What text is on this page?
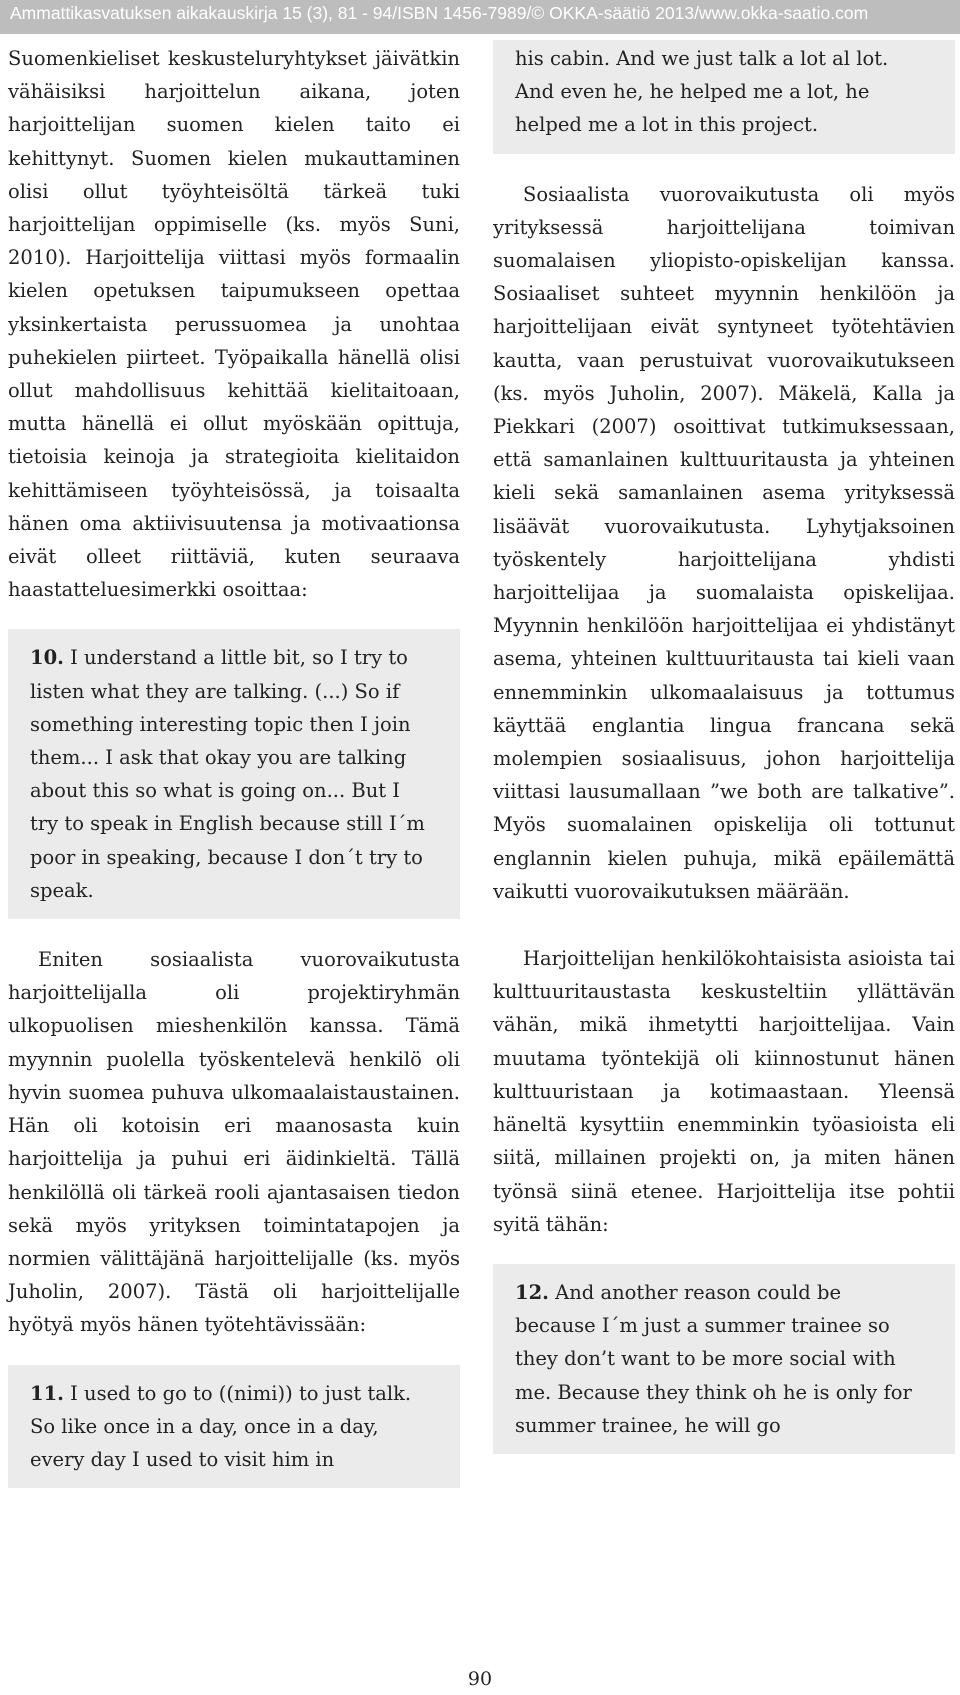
Ammattikasvatuksen aikakauskirja 15 (3), 81 - 94/ISBN 1456-7989/© OKKA-säätiö 2013/www.okka-saatio.com

Suomenkieliset keskusteluryhtykset jäivätkin vähäisiksi harjoittelun aikana, joten harjoittelijan suomen kielen taito ei kehittynyt. Suomen kielen mukauttaminen olisi ollut työyhteisöltä tärkeä tuki harjoittelijan oppimiselle (ks. myös Suni, 2010). Harjoittelija viittasi myös formaalin kielen opetuksen taipumukseen opettaa yksinkertaista perussuomea ja unohtaa puhekielen piirteet. Työpaikalla hänellä olisi ollut mahdollisuus kehittää kielitaitoaan, mutta hänellä ei ollut myöskään opittuja, tietoisia keinoja ja strategioita kielitaidon kehittämiseen työyhteisössä, ja toisaalta hänen oma aktiivisuutensa ja motivaationsa eivät olleet riittäviä, kuten seuraava haastatteluesimerkki osoittaa:

10. I understand a little bit, so I try to listen what they are talking. (...) So if something interesting topic then I join them... I ask that okay you are talking about this so what is going on... But I try to speak in English because still I´m poor in speaking, because I don´t try to speak.

Eniten sosiaalista vuorovaikutusta harjoittelijalla oli projektiryhmän ulkopuolisen mieshenkilön kanssa. Tämä myynnin puolella työskentelevä henkilö oli hyvin suomea puhuva ulkomaalaistaustainen. Hän oli kotoisin eri maanosasta kuin harjoittelija ja puhui eri äidinkieltä. Tällä henkilöllä oli tärkeä rooli ajantasaisen tiedon sekä myös yrityksen toimintatapojen ja normien välittäjänä harjoittelijalle (ks. myös Juholin, 2007). Tästä oli harjoittelijalle hyötyä myös hänen työtehtävissään:

11. I used to go to ((nimi)) to just talk. So like once in a day, once in a day, every day I used to visit him in
his cabin. And we just talk a lot al lot. And even he, he helped me a lot, he helped me a lot in this project.

Sosiaalista vuorovaikutusta oli myös yrityksessä harjoittelijana toimivan suomalaisen yliopisto-opiskelijan kanssa. Sosiaaliset suhteet myynnin henkilöön ja harjoittelijaan eivät syntyneet työtehtävien kautta, vaan perustuivat vuorovaikutukseen (ks. myös Juholin, 2007). Mäkelä, Kalla ja Piekkari (2007) osoittivat tutkimuksessaan, että samanlainen kulttuuritausta ja yhteinen kieli sekä samanlainen asema yrityksessä lisäävät vuorovaikutusta. Lyhytjaksoinen työskentely harjoittelijana yhdisti harjoittelijaa ja suomalaista opiskelijaa. Myynnin henkilöön harjoittelijaa ei yhdistänyt asema, yhteinen kulttuuritausta tai kieli vaan ennemminkin ulkomaalaisuus ja tottumus käyttää englantia lingua francana sekä molempien sosiaalisuus, johon harjoittelija viittasi lausumallaan ”we both are talkative”. Myös suomalainen opiskelija oli tottunut englannin kielen puhuja, mikä epäilemättä vaikutti vuorovaikutuksen määrään.

Harjoittelijan henkilökohtaisista asioista tai kulttuuritaustasta keskusteltiin yllättävän vähän, mikä ihmetytti harjoittelijaa. Vain muutama työntekijä oli kiinnostunut hänen kulttuuristaan ja kotimaastaan. Yleensä häneltä kysyttiin enemminkin työasioista eli siitä, millainen projekti on, ja miten hänen työnsä siinä etenee. Harjoittelija itse pohtii syitä tähän:

12. And another reason could be because I´m just a summer trainee so they don’t want to be more social with me. Because they think oh he is only for summer trainee, he will go
90
